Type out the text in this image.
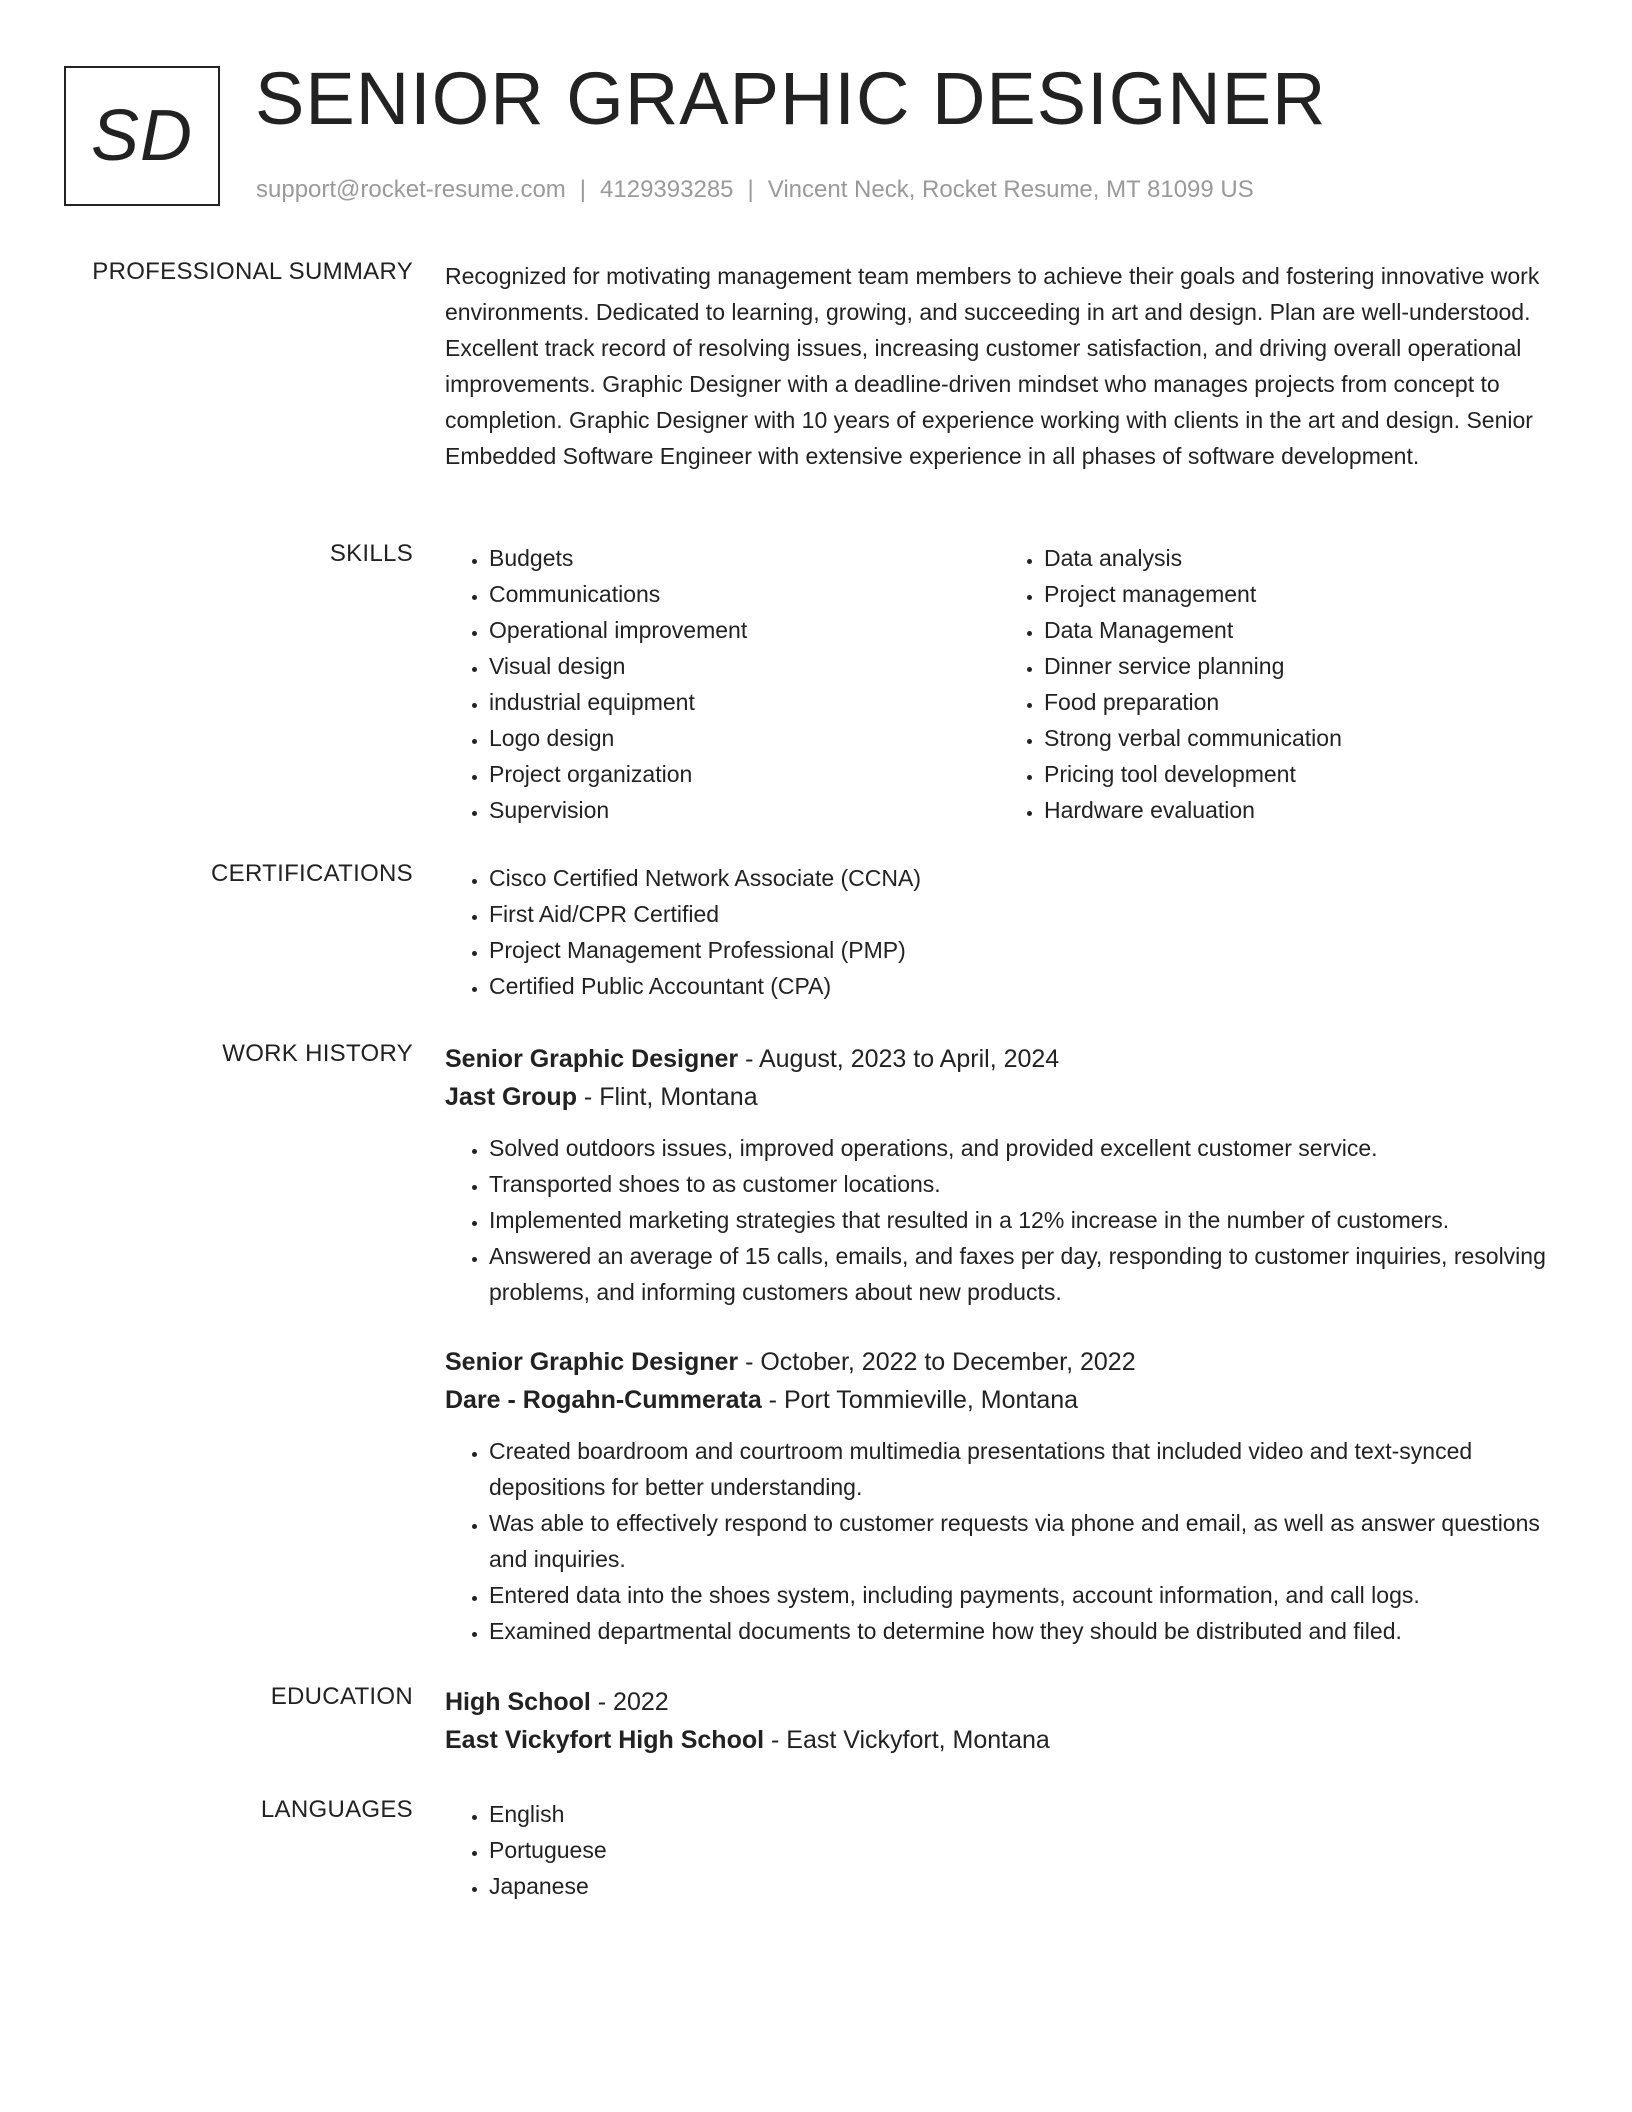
SD SENIOR GRAPHIC DESIGNER
support@rocket-resume.com | 4129393285 | Vincent Neck, Rocket Resume, MT 81099 US
PROFESSIONAL SUMMARY Recognized for motivating management team members to achieve their goals and fostering innovative work environments. Dedicated to learning, growing, and succeeding in art and design. Plan are well-understood. Excellent track record of resolving issues, increasing customer satisfaction, and driving overall operational improvements. Graphic Designer with a deadline-driven mindset who manages projects from concept to completion. Graphic Designer with 10 years of experience working with clients in the art and design. Senior Embedded Software Engineer with extensive experience in all phases of software development.
SKILLS	• Budgets
• Communications
• Operational improvement
• Visual design
• industrial equipment
• Logo design
• Project organization
• Supervision
• Data analysis
• Project management
• Data Management
• Dinner service planning
• Food preparation
• Strong verbal communication
• Pricing tool development
• Hardware evaluation
CERTIFICATIONS	• Cisco Certified Network Associate (CCNA)
• First Aid/CPR Certified
• Project Management Professional (PMP)
• Certified Public Accountant (CPA)
WORK HISTORY Senior Graphic Designer - August, 2023 to April, 2024
Jast Group - Flint, Montana
• Solved outdoors issues, improved operations, and provided excellent customer service.
• Transported shoes to as customer locations.
• Implemented marketing strategies that resulted in a 12% increase in the number of customers.
• Answered an average of 15 calls, emails, and faxes per day, responding to customer inquiries, resolving problems, and informing customers about new products.
Senior Graphic Designer - October, 2022 to December, 2022
Dare - Rogahn-Cummerata - Port Tommieville, Montana
• Created boardroom and courtroom multimedia presentations that included video and text-synced depositions for better understanding.
• Was able to effectively respond to customer requests via phone and email, as well as answer questions and inquiries.
• Entered data into the shoes system, including payments, account information, and call logs.
• Examined departmental documents to determine how they should be distributed and filed.
EDUCATION High School - 2022
East Vickyfort High School - East Vickyfort, Montana
LANGUAGES	• English
• Portuguese
• Japanese
